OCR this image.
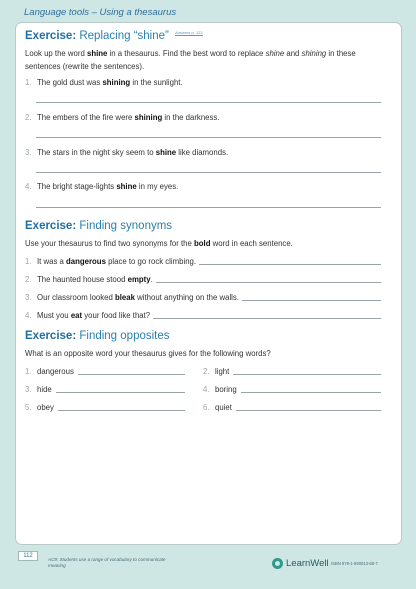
Language tools – Using a thesaurus
Exercise: Replacing “shine” Answers p. 123
Look up the word shine in a thesaurus. Find the best word to replace shine and shining in these sentences (rewrite the sentences).
1. The gold dust was shining in the sunlight.
2. The embers of the fire were shining in the darkness.
3. The stars in the night sky seem to shine like diamonds.
4. The bright stage-lights shine in my eyes.
Exercise: Finding synonyms
Use your thesaurus to find two synonyms for the bold word in each sentence.
1. It was a dangerous place to go rock climbing.
2. The haunted house stood empty.
3. Our classroom looked bleak without anything on the walls.
4. Must you eat your food like that?
Exercise: Finding opposites
What is an opposite word your thesaurus gives for the following words?
1. dangerous	2. light
3. hide	4. boring
5. obey	6. quiet
112
AC9: Students use a range of vocabulary to communicate meaning	LearnWell ISBN 978-1-990013-68-7
